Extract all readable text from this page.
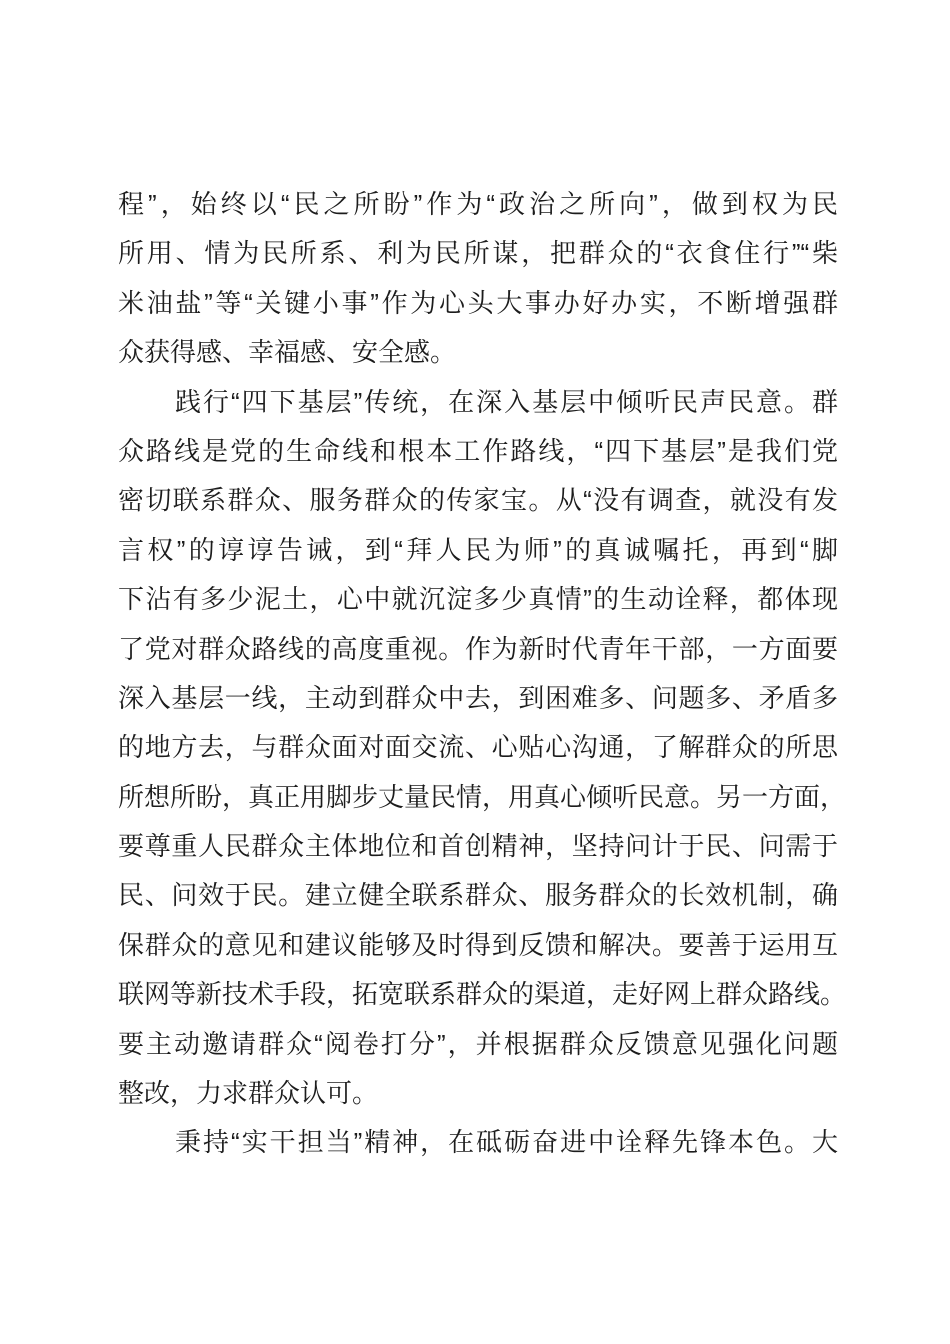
程”，始终以“民之所盼”作为“政治之所向”，做到权为民
所用、情为民所系、利为民所谋，把群众的“衣食住行”“柴
米油盐”等“关键小事”作为心头大事办好办实，不断增强群
众获得感、幸福感、安全感。
践行“四下基层”传统，在深入基层中倾听民声民意。群
众路线是党的生命线和根本工作路线，“四下基层”是我们党
密切联系群众、服务群众的传家宝。从“没有调查，就没有发
言权”的谆谆告诫，到“拜人民为师”的真诚嘱托，再到“脚
下沾有多少泥土，心中就沉淀多少真情”的生动诠释，都体现
了党对群众路线的高度重视。作为新时代青年干部，一方面要
深入基层一线，主动到群众中去，到困难多、问题多、矛盾多
的地方去，与群众面对面交流、心贴心沟通，了解群众的所思
所想所盼，真正用脚步丈量民情，用真心倾听民意。另一方面，
要尊重人民群众主体地位和首创精神，坚持问计于民、问需于
民、问效于民。建立健全联系群众、服务群众的长效机制，确
保群众的意见和建议能够及时得到反馈和解决。要善于运用互
联网等新技术手段，拓宽联系群众的渠道，走好网上群众路线。
要主动邀请群众“阅卷打分”，并根据群众反馈意见强化问题
整改，力求群众认可。
秉持“实干担当”精神，在砥砺奋进中诠释先锋本色。大
